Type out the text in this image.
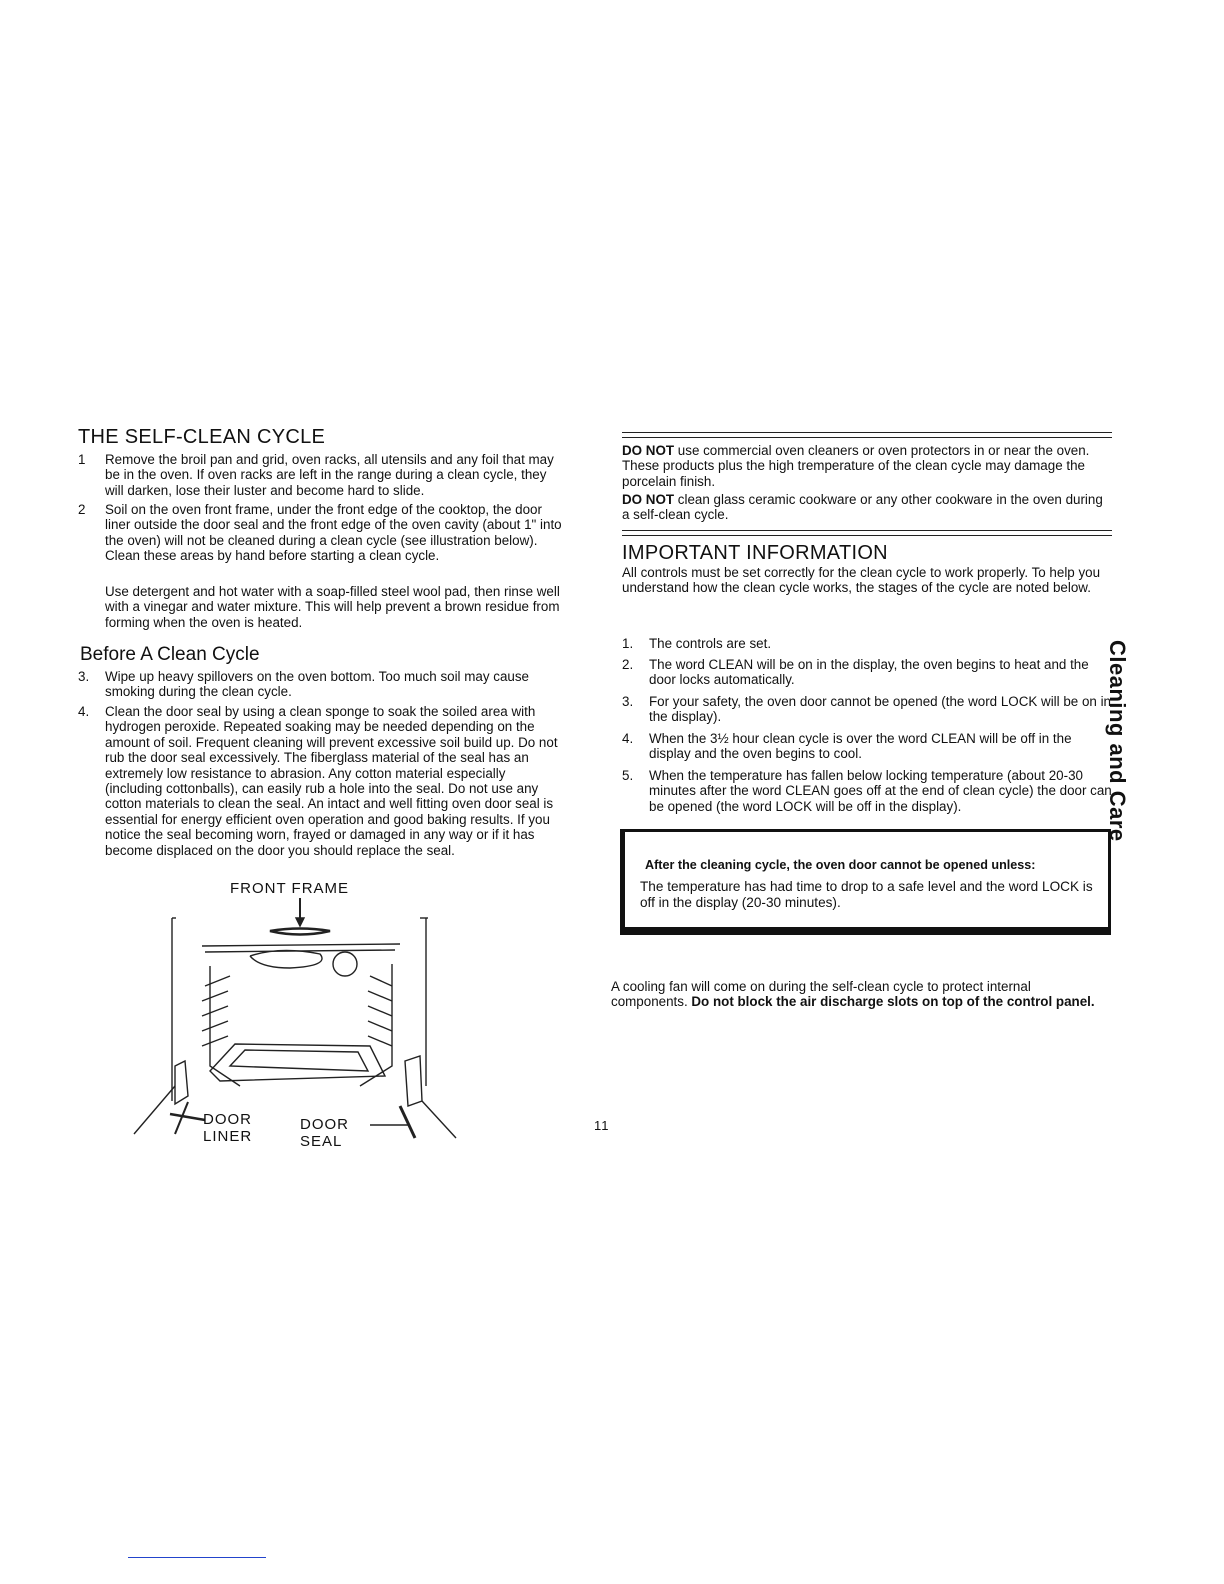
THE SELF-CLEAN CYCLE
1	Remove the broil pan and grid, oven racks, all utensils and any foil that may be in the oven. If oven racks are left in the range during a clean cycle, they will darken, lose their luster and become hard to slide.
2	Soil on the oven front frame, under the front edge of the cooktop, the door liner outside the door seal and the front edge of the oven cavity (about 1" into the oven) will not be cleaned during a clean cycle (see illustration below). Clean these areas by hand before starting a clean cycle.
Use detergent and hot water with a soap-filled steel wool pad, then rinse well with a vinegar and water mixture. This will help prevent a brown residue from forming when the oven is heated.
Before A Clean Cycle
3.	Wipe up heavy spillovers on the oven bottom. Too much soil may cause smoking during the clean cycle.
4.	Clean the door seal by using a clean sponge to soak the soiled area with hydrogen peroxide. Repeated soaking may be needed depending on the amount of soil. Frequent cleaning will prevent excessive soil build up. Do not rub the door seal excessively. The fiberglass material of the seal has an extremely low resistance to abrasion. Any cotton material especially (including cottonballs), can easily rub a hole into the seal. Do not use any cotton materials to clean the seal. An intact and well fitting oven door seal is essential for energy efficient oven operation and good baking results. If you notice the seal becoming worn, frayed or damaged in any way or if it has become displaced on the door you should replace the seal.
FRONT FRAME
DOOR
LINER
DOOR
SEAL
DO NOT use commercial oven cleaners or oven protectors in or near the oven. These products plus the high tremperature of the clean cycle may damage the porcelain finish.
DO NOT clean glass ceramic cookware or any other cookware in the oven during a self-clean cycle.
IMPORTANT INFORMATION
All controls must be set correctly for the clean cycle to work properly. To help you understand how the clean cycle works, the stages of the cycle are noted below.
1.	The controls are set.
2.	The word CLEAN will be on in the display, the oven begins to heat and the door locks automatically.
3.	For your safety, the oven door cannot be opened (the word LOCK will be on in the display).
4.	When the 3½ hour clean cycle is over the word CLEAN will be off in the display and the oven begins to cool.
5.	When the temperature has fallen below locking temperature (about 20-30 minutes after the word CLEAN goes off at the end of clean cycle) the door can be opened (the word LOCK will be off in the display).
After the cleaning cycle, the oven door cannot be opened unless:
The temperature has had time to drop to a safe level and the word LOCK is off in the display (20-30 minutes).
A cooling fan will come on during the self-clean cycle to protect internal components. Do not block the air discharge slots on top of the control panel.
11
Cleaning and Care
